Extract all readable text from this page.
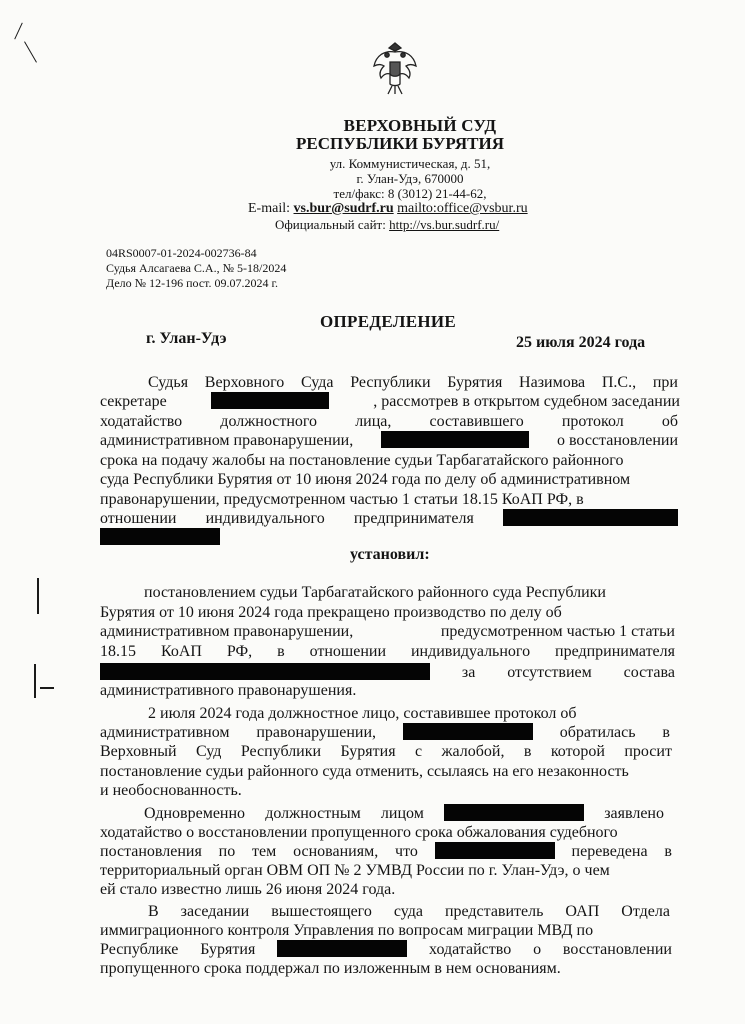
ВЕРХОВНЫЙ СУД
РЕСПУБЛИКИ БУРЯТИЯ
ул. Коммунистическая, д. 51,
г. Улан-Удэ, 670000
тел/факс: 8 (3012) 21-44-62,
E-mail: vs.bur@sudrf.ru mailto:office@vsbur.ru
Официальный сайт: http://vs.bur.sudrf.ru/
04RS0007-01-2024-002736-84
Судья Алсагаева С.А., № 5-18/2024
Дело № 12-196 пост. 09.07.2024 г.
ОПРЕДЕЛЕНИЕ
г. Улан-Удэ	25 июля 2024 года
Судья Верховного Суда Республики Бурятия Назимова П.С., при
секретаре	, рассмотрев в открытом судебном заседании
ходатайство должностного лица, составившего протокол об
административном правонарушении,	о восстановлении
срока на подачу жалобы на постановление судьи Тарбагатайского районного
суда Республики Бурятия от 10 июня 2024 года по делу об административном
правонарушении, предусмотренном частью 1 статьи 18.15 КоАП РФ, в
отношении индивидуального предпринимателя
установил:
постановлением судьи Тарбагатайского районного суда Республики
Бурятия от 10 июня 2024 года прекращено производство по делу об
административном правонарушении,	предусмотренном частью 1 статьи
18.15 КоАП РФ, в отношении индивидуального предпринимателя
за отсутствием состава
административного правонарушения.
2 июля 2024 года должностное лицо, составившее протокол об
административном правонарушении,	обратилась в
Верховный Суд Республики Бурятия с жалобой, в которой просит
постановление судьи районного суда отменить, ссылаясь на его незаконность
и необоснованность.
Одновременно должностным лицом	заявлено
ходатайство о восстановлении пропущенного срока обжалования судебного
постановления по тем основаниям, что	переведена в
территориальный орган ОВМ ОП № 2 УМВД России по г. Улан-Удэ, о чем
ей стало известно лишь 26 июня 2024 года.
В заседании вышестоящего суда представитель ОАП Отдела
иммиграционного контроля Управления по вопросам миграции МВД по
Республике Бурятия	ходатайство о восстановлении
пропущенного срока поддержал по изложенным в нем основаниям.
